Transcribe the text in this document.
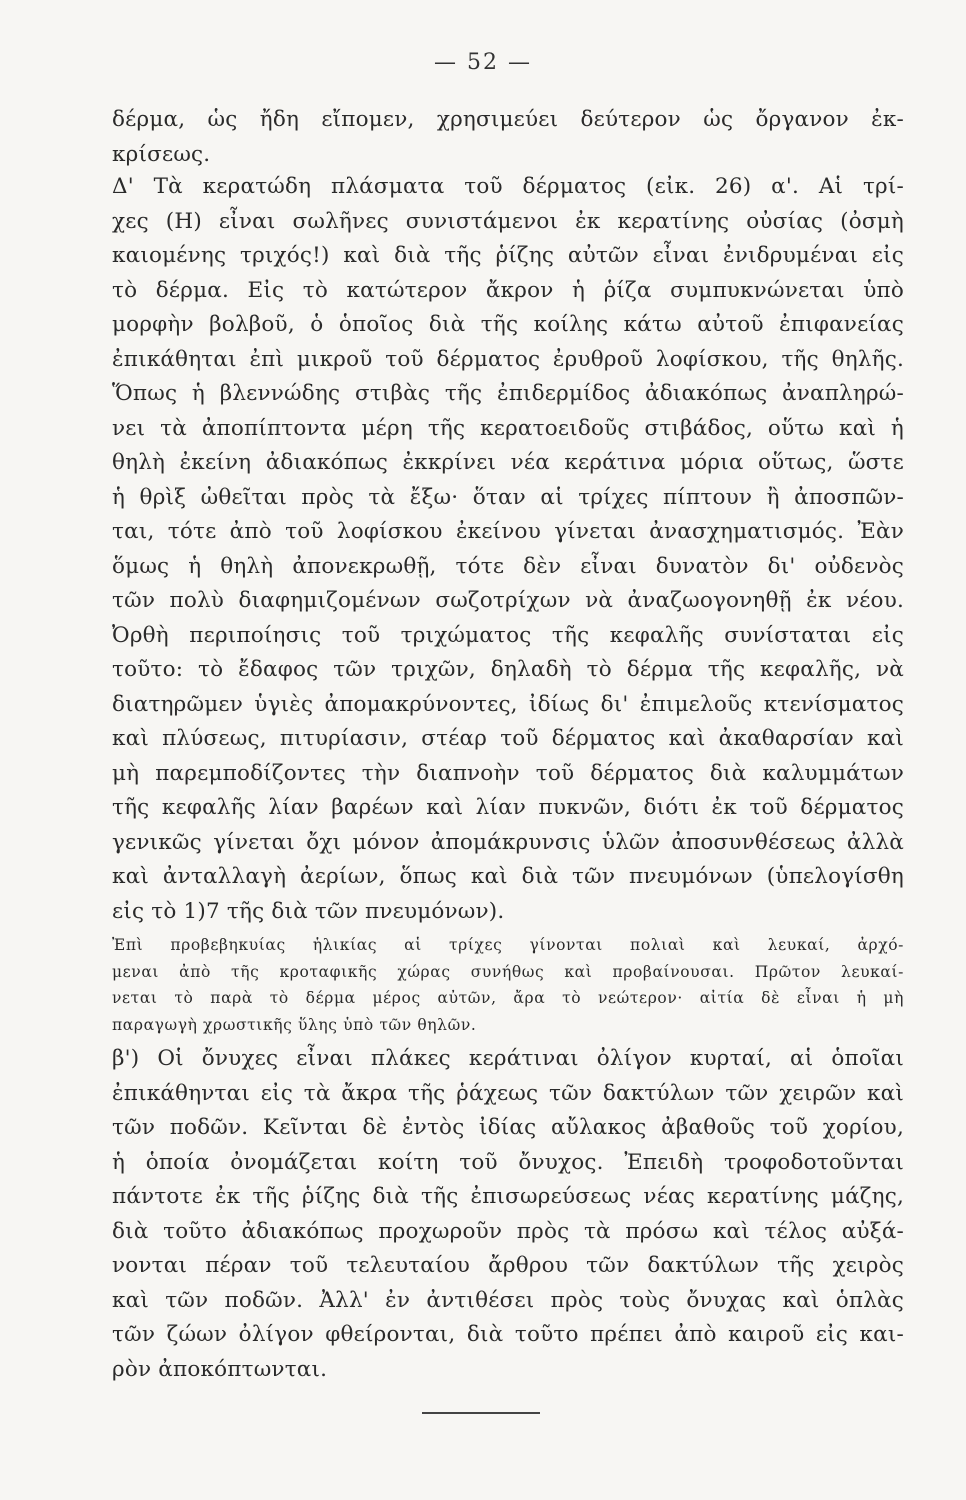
— 52 —
δέρμα, ὡς ἤδη εἴπομεν, χρησιμεύει δεύτερον ὡς ὄργανον ἐκ-
κρίσεως.
Δ' Τὰ κερατώδη πλάσματα τοῦ δέρματος (εἰκ. 26) α'. Αἱ τρί-
χες (Η) εἶναι σωλῆνες συνιστάμενοι ἐκ κερατίνης οὐσίας (ὀσμὴ
καιομένης τριχός!) καὶ διὰ τῆς ῥίζης αὐτῶν εἶναι ἐνιδρυμέναι εἰς
τὸ δέρμα. Εἰς τὸ κατώτερον ἄκρον ἡ ῥίζα συμπυκνώνεται ὑπὸ
μορφὴν βολβοῦ, ὁ ὁποῖος διὰ τῆς κοίλης κάτω αὐτοῦ ἐπιφανείας
ἐπικάθηται ἐπὶ μικροῦ τοῦ δέρματος ἐρυθροῦ λοφίσκου, τῆς θηλῆς.
Ὅπως ἡ βλεννώδης στιβὰς τῆς ἐπιδερμίδος ἀδιακόπως ἀναπληρώ-
νει τὰ ἀποπίπτοντα μέρη τῆς κερατοειδοῦς στιβάδος, οὕτω καὶ ἡ
θηλὴ ἐκείνη ἀδιακόπως ἐκκρίνει νέα κεράτινα μόρια οὕτως, ὥστε
ἡ θρὶξ ὠθεῖται πρὸς τὰ ἔξω· ὅταν αἱ τρίχες πίπτουν ἢ ἀποσπῶν-
ται, τότε ἀπὸ τοῦ λοφίσκου ἐκείνου γίνεται ἀνασχηματισμός. Ἐὰν
ὅμως ἡ θηλὴ ἀπονεκρωθῇ, τότε δὲν εἶναι δυνατὸν δι' οὐδενὸς
τῶν πολὺ διαφημιζομένων σωζοτρίχων νὰ ἀναζωογονηθῇ ἐκ νέου.
Ὀρθὴ περιποίησις τοῦ τριχώματος τῆς κεφαλῆς συνίσταται εἰς
τοῦτο: τὸ ἔδαφος τῶν τριχῶν, δηλαδὴ τὸ δέρμα τῆς κεφαλῆς, νὰ
διατηρῶμεν ὑγιὲς ἀπομακρύνοντες, ἰδίως δι' ἐπιμελοῦς κτενίσματος
καὶ πλύσεως, πιτυρίασιν, στέαρ τοῦ δέρματος καὶ ἀκαθαρσίαν καὶ
μὴ παρεμποδίζοντες τὴν διαπνοὴν τοῦ δέρματος διὰ καλυμμάτων
τῆς κεφαλῆς λίαν βαρέων καὶ λίαν πυκνῶν, διότι ἐκ τοῦ δέρματος
γενικῶς γίνεται ὄχι μόνον ἀπομάκρυνσις ὑλῶν ἀποσυνθέσεως ἀλλὰ
καὶ ἀνταλλαγὴ ἀερίων, ὅπως καὶ διὰ τῶν πνευμόνων (ὑπελογίσθη
εἰς τὸ 1)7 τῆς διὰ τῶν πνευμόνων).
Ἐπὶ προβεβηκυίας ἡλικίας αἱ τρίχες γίνονται πολιαὶ καὶ λευκαί, ἀρχό-
μεναι ἀπὸ τῆς κροταφικῆς χώρας συνήθως καὶ προβαίνουσαι. Πρῶτον λευκαί-
νεται τὸ παρὰ τὸ δέρμα μέρος αὐτῶν, ἄρα τὸ νεώτερον· αἰτία δὲ εἶναι ἡ μὴ
παραγωγὴ χρωστικῆς ὕλης ὑπὸ τῶν θηλῶν.
β') Οἱ ὄνυχες εἶναι πλάκες κεράτιναι ὀλίγον κυρταί, αἱ ὁποῖαι
ἐπικάθηνται εἰς τὰ ἄκρα τῆς ῥάχεως τῶν δακτύλων τῶν χειρῶν καὶ
τῶν ποδῶν. Κεῖνται δὲ ἐντὸς ἰδίας αὔλακος ἀβαθοῦς τοῦ χορίου,
ἡ ὁποία ὀνομάζεται κοίτη τοῦ ὄνυχος. Ἐπειδὴ τροφοδοτοῦνται
πάντοτε ἐκ τῆς ῥίζης διὰ τῆς ἐπισωρεύσεως νέας κερατίνης μάζης,
διὰ τοῦτο ἀδιακόπως προχωροῦν πρὸς τὰ πρόσω καὶ τέλος αὐξά-
νονται πέραν τοῦ τελευταίου ἄρθρου τῶν δακτύλων τῆς χειρὸς
καὶ τῶν ποδῶν. Ἀλλ' ἐν ἀντιθέσει πρὸς τοὺς ὄνυχας καὶ ὁπλὰς
τῶν ζώων ὀλίγον φθείρονται, διὰ τοῦτο πρέπει ἀπὸ καιροῦ εἰς και-
ρὸν ἀποκόπτωνται.
